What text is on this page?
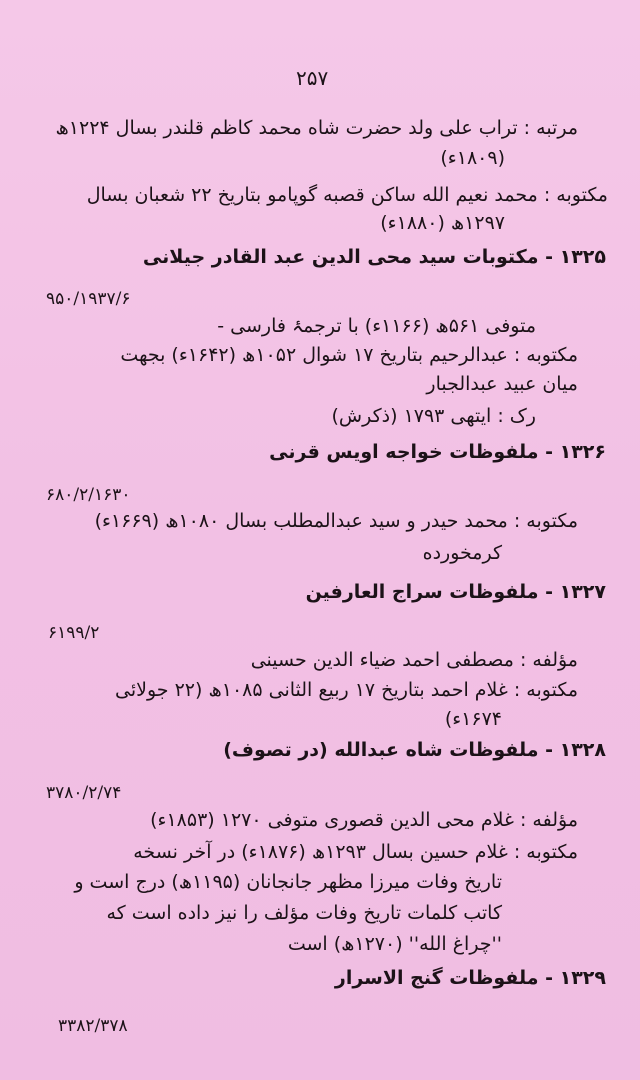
۲۵۷

مرتبه : تراب علی ولد حضرت شاه محمد کاظم قلندر بسال ۱۲۲۴ھ

(۱۸۰۹ء)

مکتوبه : محمد نعیم الله ساکن قصبه گوپامو بتاریخ ۲۲ شعبان بسال

۱۲۹۷ھ (۱۸۸۰ء)

۱۳۲۵ - مکتوبات سید محی الدین عبد القادر جیلانی

۹۵۰/۱۹۳۷/۶

متوفی ۵۶۱ھ (۱۱۶۶ء) با ترجمۂ فارسی -

مکتوبه : عبدالرحیم بتاریخ ۱۷ شوال ۱۰۵۲ھ (۱۶۴۲ء) بجهت

میان عبید عبدالجبار

رک : ایتهی ۱۷۹۳ (ذکرش)

۱۳۲۶ - ملفوظات خواجه اویس قرنی

۶۸۰/۲/۱۶۳۰

مکتوبه : محمد حیدر و سید عبدالمطلب بسال ۱۰۸۰ھ (۱۶۶۹ء)

کرمخورده

۱۳۲۷ - ملفوظات سراج العارفین

۶۱۹۹/۲

مؤلفه : مصطفی احمد ضیاء الدین حسینی

مکتوبه : غلام احمد بتاریخ ۱۷ ربیع الثانی ۱۰۸۵ھ (۲۲ جولائی

۱۶۷۴ء)

۱۳۲۸ - ملفوظات شاه عبدالله (در تصوف)

۳۷۸۰/۲/۷۴

مؤلفه : غلام محی الدین قصوری متوفی ۱۲۷۰ (۱۸۵۳ء)

مکتوبه : غلام حسین بسال ۱۲۹۳ھ (۱۸۷۶ء) در آخر نسخه

تاریخ وفات میرزا مظهر جانجانان (۱۱۹۵ھ) درج است و

کاتب کلمات تاریخ وفات مؤلف را نیز داده است که

''چراغ الله'' (۱۲۷۰ھ) است

۱۳۲۹ - ملفوظات گنج الاسرار

۳۳۸۲/۳۷۸
